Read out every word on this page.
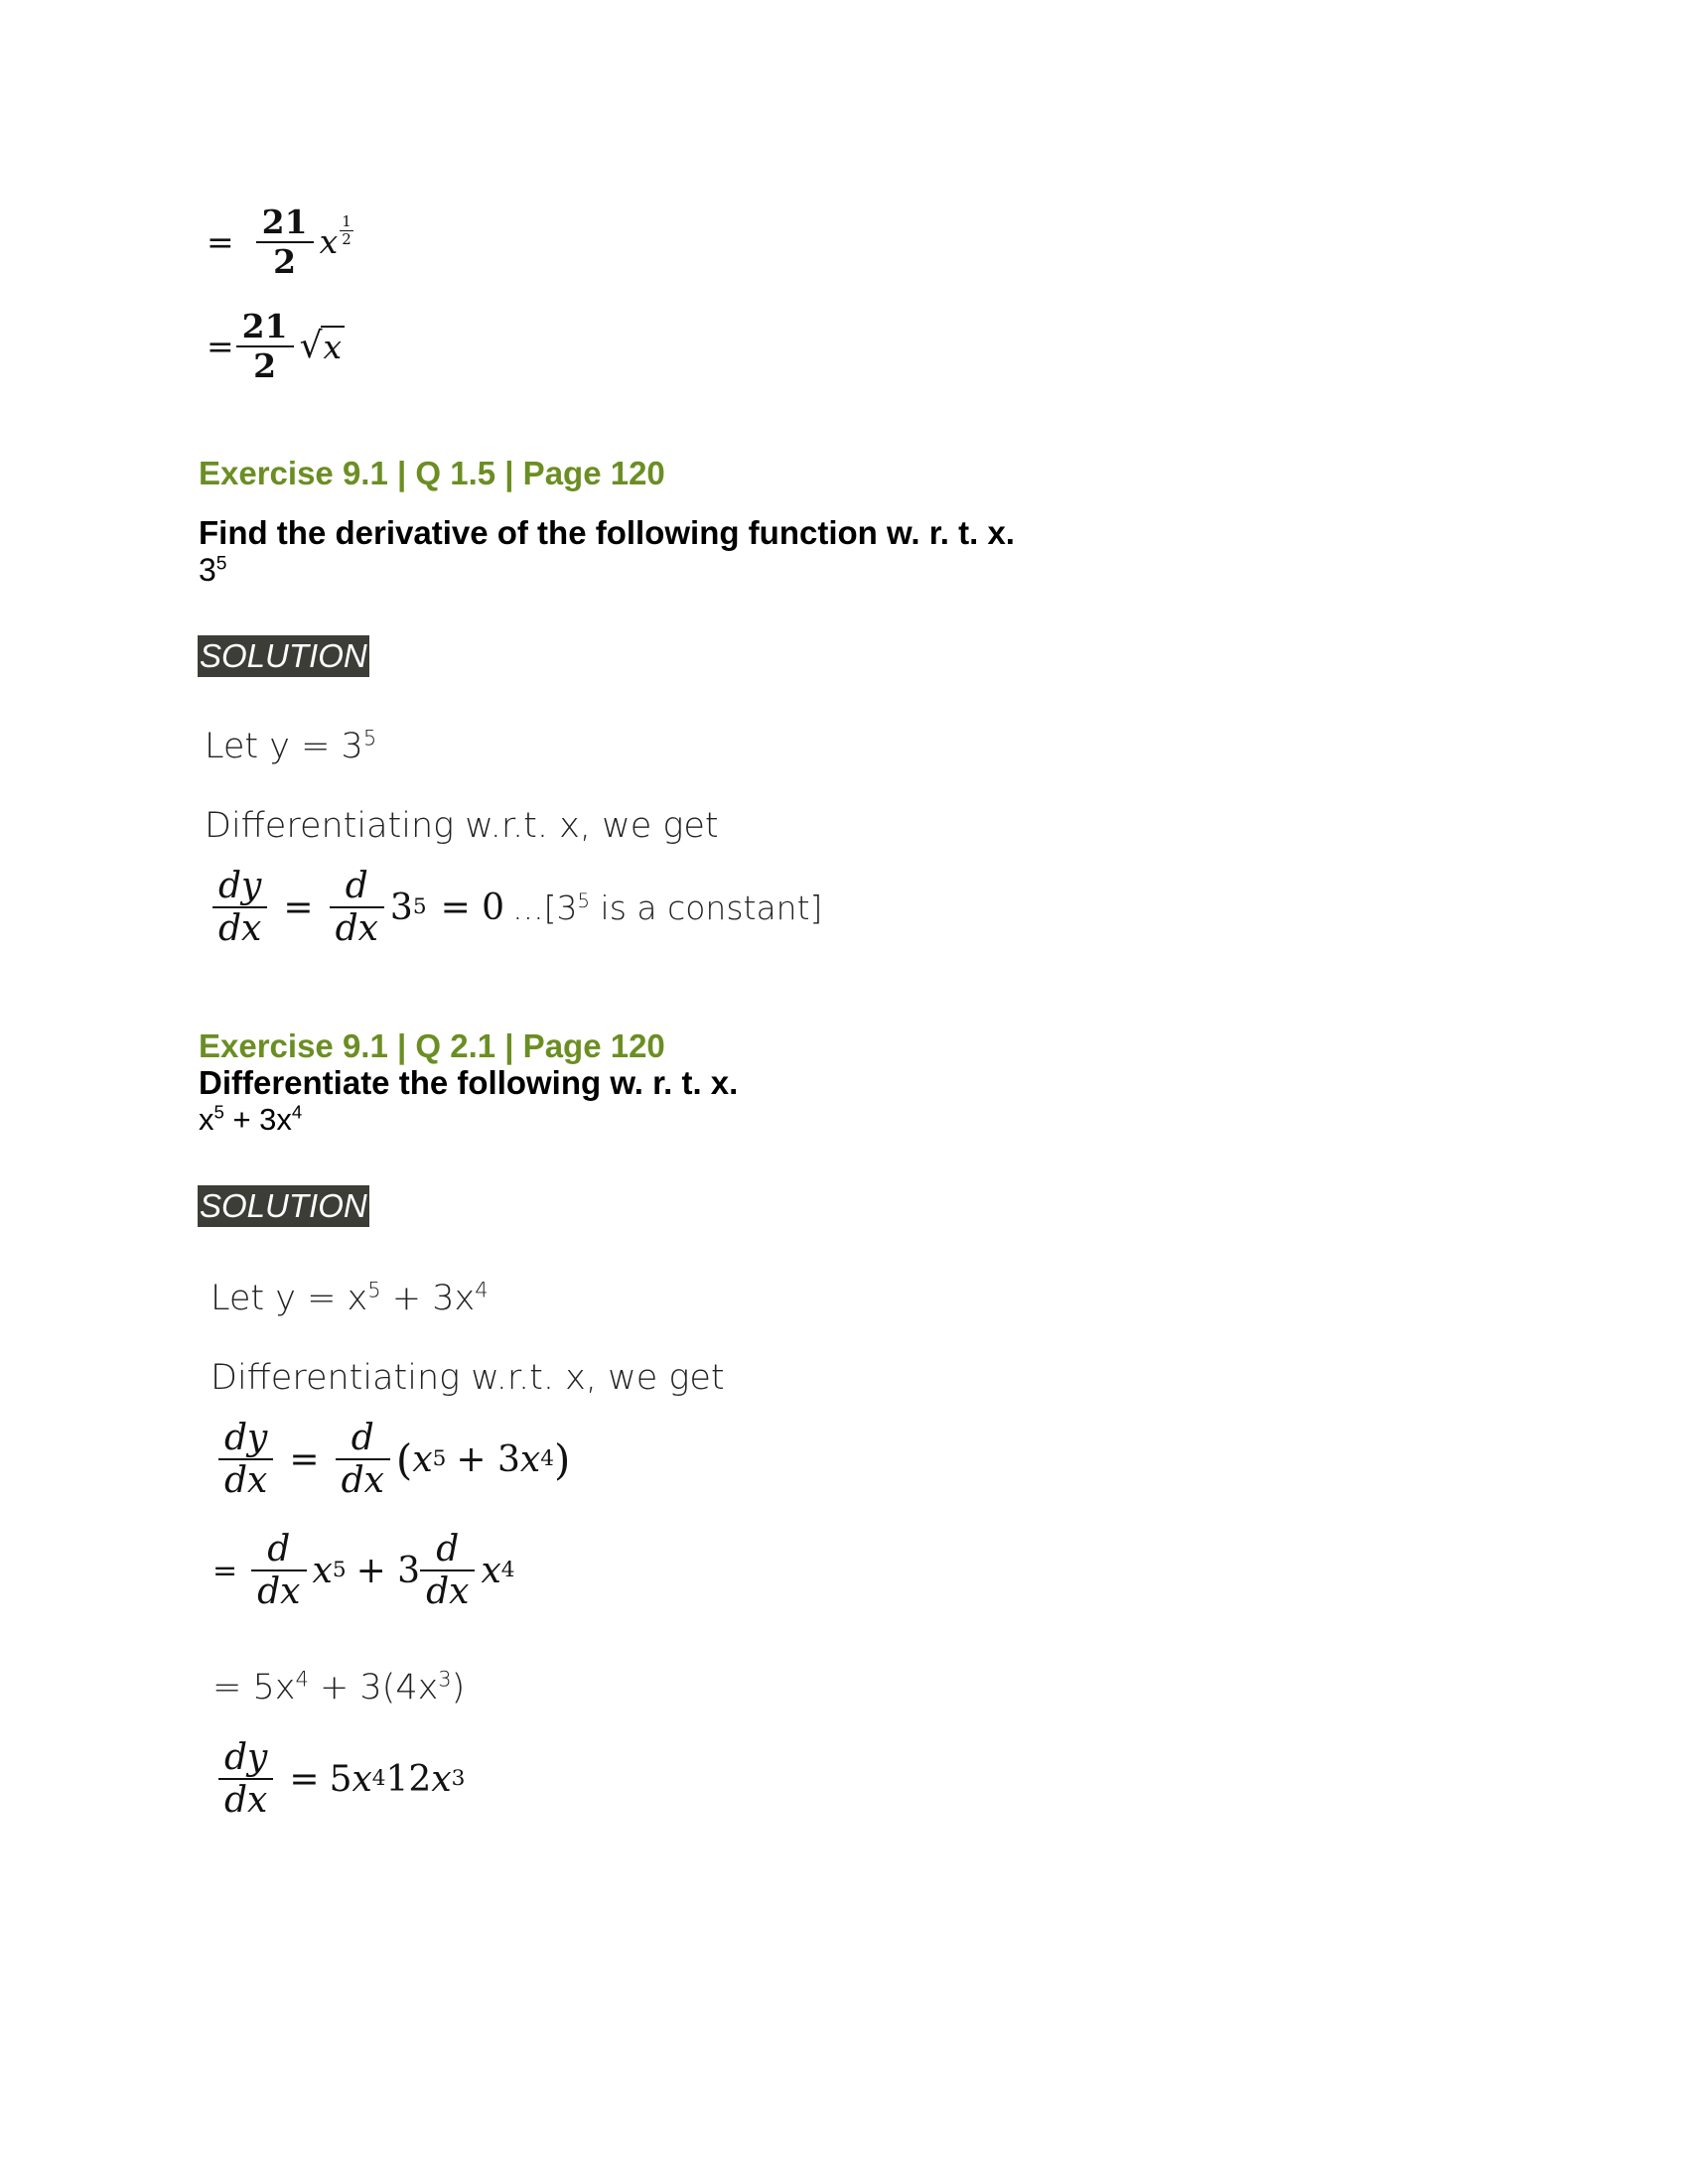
= $\frac{21}{2}$ x $\frac{1}{2}$
= $\frac{21}{2}$ √ x
Exercise 9.1 | Q 1.5 | Page 120
Find the derivative of the following function w. r. t. x.
$3^5$
SOLUTION
Let $y = 3^5$
Differentiating w.r.t. x, we get
$\frac{dy}{dx} = \frac{d}{dx} 3$ 5 = 0 $...[3^5$ is a constant]
Exercise 9.1 | Q 2.1 | Page 120
Differentiate the following w. r. t. x.
$x^5 + 3x^4$
SOLUTION
Let $y = x^5 + 3x^4$
Differentiating w.r.t. x, we get
$\frac{dy}{dx} = \frac{d}{dx}$ ( x 5 + 3 x 4 )
= $\frac{d}{dx}$ x $5 + 3 \frac{d}{dx}$ x 4
= $5x^4 + 3(4x^3)$
$\frac{dy}{dx} = 5$ x 4 12 x 3
